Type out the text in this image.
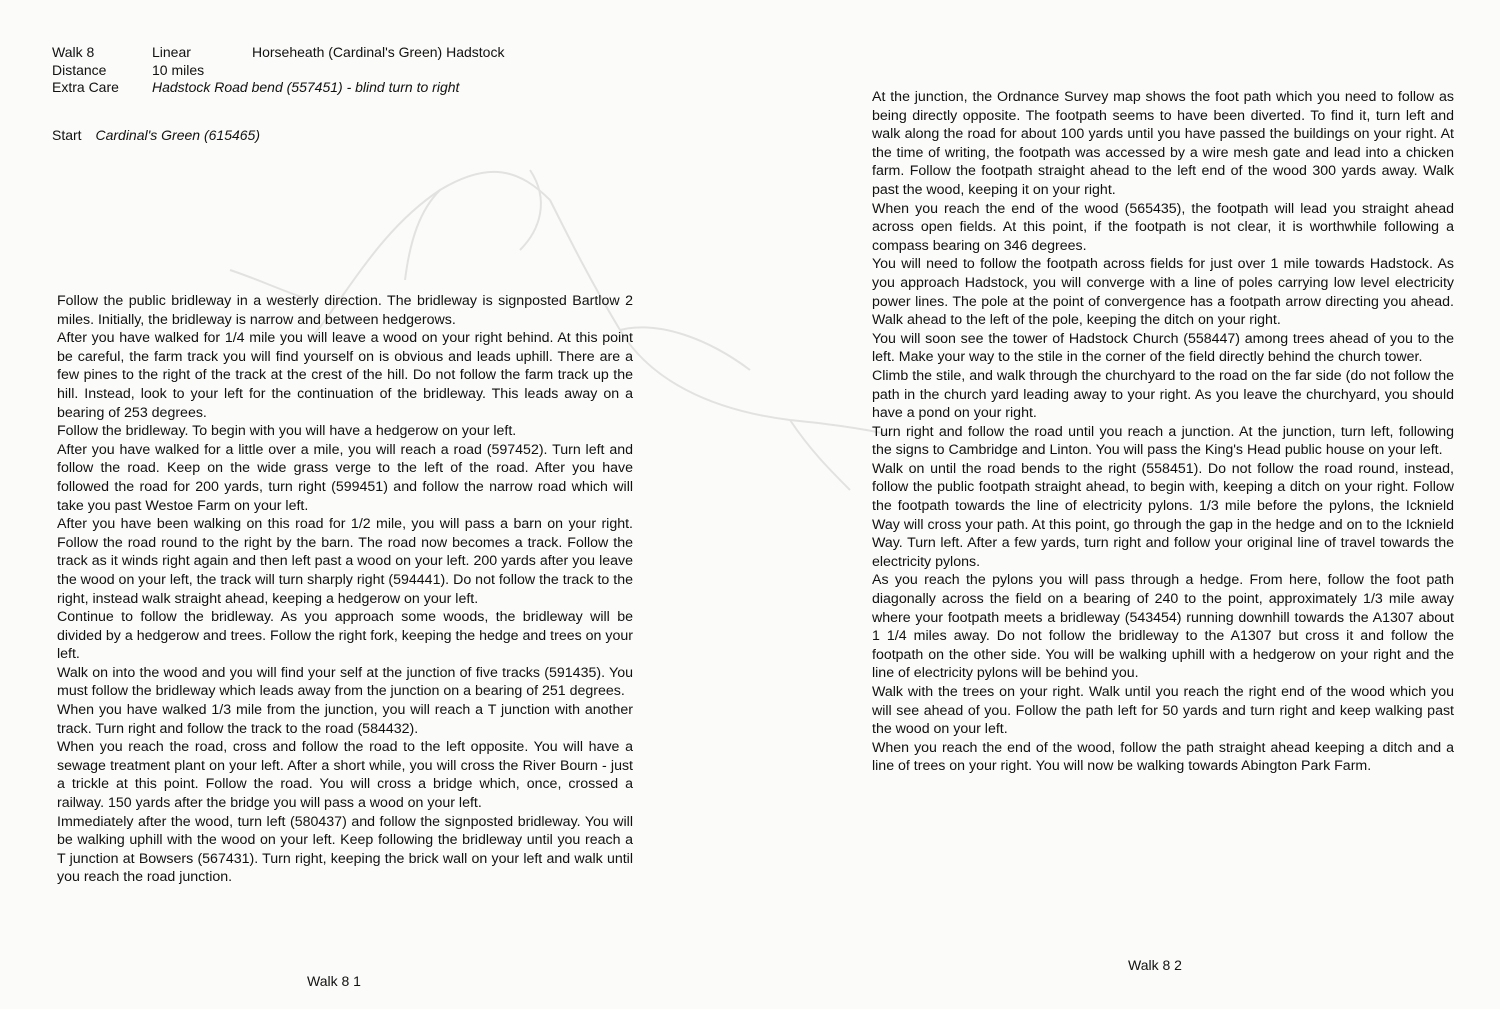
Walk 8	Linear	Horseheath (Cardinal's Green) Hadstock
Distance	10 miles
Extra Care	Hadstock Road bend (557451) - blind turn to right
Start Cardinal's Green (615465)

Follow the public bridleway in a westerly direction. The bridleway is signposted Bartlow 2 miles. Initially, the bridleway is narrow and between hedgerows.

After you have walked for 1/4 mile you will leave a wood on your right behind. At this point be careful, the farm track you will find yourself on is obvious and leads uphill. There are a few pines to the right of the track at the crest of the hill. Do not follow the farm track up the hill. Instead, look to your left for the continuation of the bridleway. This leads away on a bearing of 253 degrees.

Follow the bridleway. To begin with you will have a hedgerow on your left.

After you have walked for a little over a mile, you will reach a road (597452). Turn left and follow the road. Keep on the wide grass verge to the left of the road. After you have followed the road for 200 yards, turn right (599451) and follow the narrow road which will take you past Westoe Farm on your left.

After you have been walking on this road for 1/2 mile, you will pass a barn on your right. Follow the road round to the right by the barn. The road now becomes a track. Follow the track as it winds right again and then left past a wood on your left. 200 yards after you leave the wood on your left, the track will turn sharply right (594441). Do not follow the track to the right, instead walk straight ahead, keeping a hedgerow on your left.

Continue to follow the bridleway. As you approach some woods, the bridleway will be divided by a hedgerow and trees. Follow the right fork, keeping the hedge and trees on your left.

Walk on into the wood and you will find your self at the junction of five tracks (591435). You must follow the bridleway which leads away from the junction on a bearing of 251 degrees.

When you have walked 1/3 mile from the junction, you will reach a T junction with another track. Turn right and follow the track to the road (584432).

When you reach the road, cross and follow the road to the left opposite. You will have a sewage treatment plant on your left. After a short while, you will cross the River Bourn - just a trickle at this point. Follow the road. You will cross a bridge which, once, crossed a railway. 150 yards after the bridge you will pass a wood on your left.

Immediately after the wood, turn left (580437) and follow the signposted bridleway. You will be walking uphill with the wood on your left. Keep following the bridleway until you reach a T junction at Bowsers (567431). Turn right, keeping the brick wall on your left and walk until you reach the road junction.

At the junction, the Ordnance Survey map shows the foot path which you need to follow as being directly opposite. The footpath seems to have been diverted. To find it, turn left and walk along the road for about 100 yards until you have passed the buildings on your right. At the time of writing, the footpath was accessed by a wire mesh gate and lead into a chicken farm. Follow the footpath straight ahead to the left end of the wood 300 yards away. Walk past the wood, keeping it on your right.

When you reach the end of the wood (565435), the footpath will lead you straight ahead across open fields. At this point, if the footpath is not clear, it is worthwhile following a compass bearing on 346 degrees.

You will need to follow the footpath across fields for just over 1 mile towards Hadstock. As you approach Hadstock, you will converge with a line of poles carrying low level electricity power lines. The pole at the point of convergence has a footpath arrow directing you ahead. Walk ahead to the left of the pole, keeping the ditch on your right.

You will soon see the tower of Hadstock Church (558447) among trees ahead of you to the left. Make your way to the stile in the corner of the field directly behind the church tower.

Climb the stile, and walk through the churchyard to the road on the far side (do not follow the path in the church yard leading away to your right. As you leave the churchyard, you should have a pond on your right.

Turn right and follow the road until you reach a junction. At the junction, turn left, following the signs to Cambridge and Linton. You will pass the King's Head public house on your left.

Walk on until the road bends to the right (558451). Do not follow the road round, instead, follow the public footpath straight ahead, to begin with, keeping a ditch on your right. Follow the footpath towards the line of electricity pylons. 1/3 mile before the pylons, the Icknield Way will cross your path. At this point, go through the gap in the hedge and on to the Icknield Way. Turn left. After a few yards, turn right and follow your original line of travel towards the electricity pylons.

As you reach the pylons you will pass through a hedge. From here, follow the foot path diagonally across the field on a bearing of 240 to the point, approximately 1/3 mile away where your footpath meets a bridleway (543454) running downhill towards the A1307 about 1 1/4 miles away. Do not follow the bridleway to the A1307 but cross it and follow the footpath on the other side. You will be walking uphill with a hedgerow on your right and the line of electricity pylons will be behind you.

Walk with the trees on your right. Walk until you reach the right end of the wood which you will see ahead of you. Follow the path left for 50 yards and turn right and keep walking past the wood on your left.

When you reach the end of the wood, follow the path straight ahead keeping a ditch and a line of trees on your right. You will now be walking towards Abington Park Farm.

Walk 8 1
Walk 8 2
